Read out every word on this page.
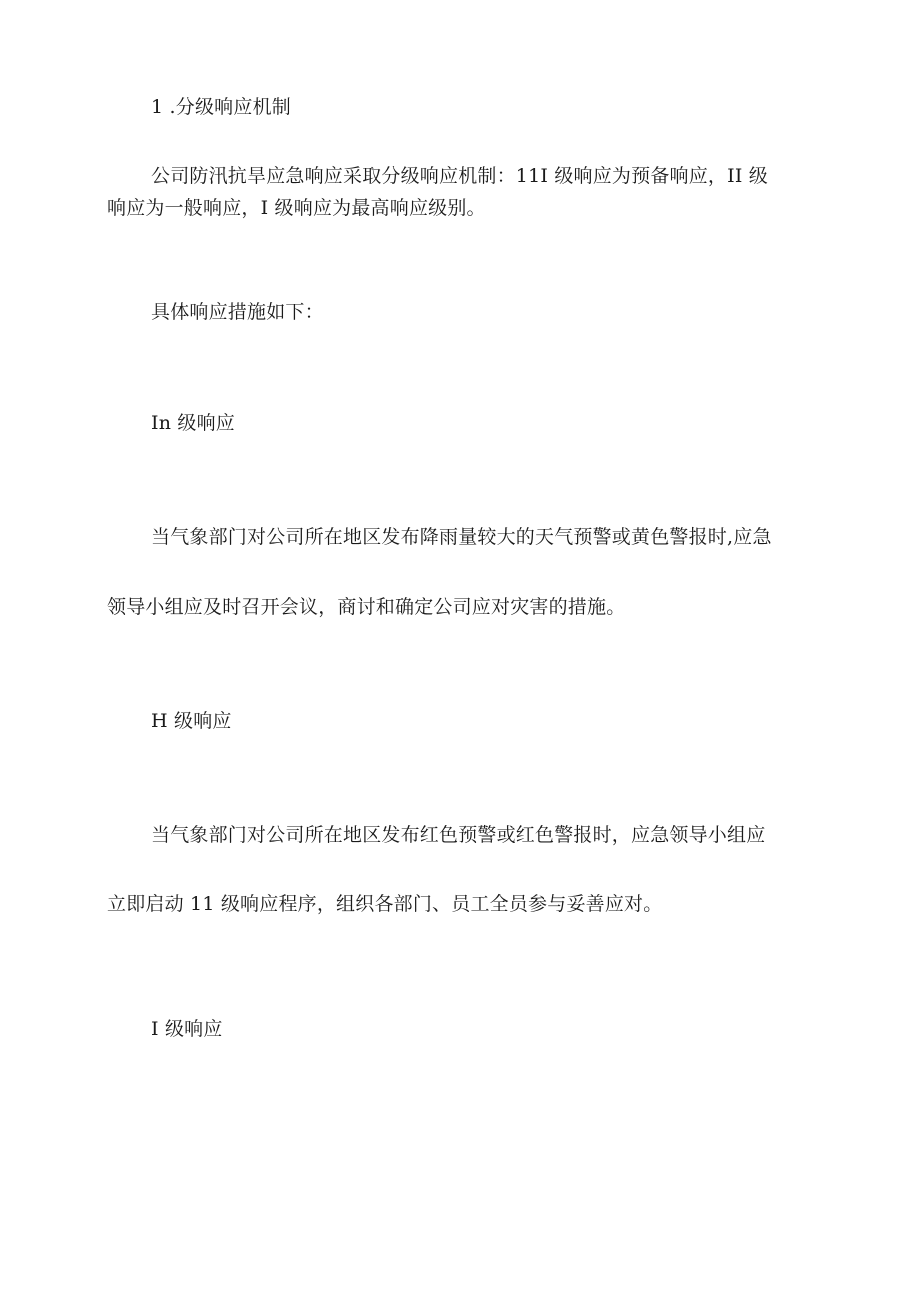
1 .分级响应机制
公司防汛抗旱应急响应采取分级响应机制：11I 级响应为预备响应，II 级
响应为一般响应，I 级响应为最高响应级别。
具体响应措施如下：
In 级响应
当气象部门对公司所在地区发布降雨量较大的天气预警或黄色警报时,应急
领导小组应及时召开会议，商讨和确定公司应对灾害的措施。
H 级响应
当气象部门对公司所在地区发布红色预警或红色警报时，应急领导小组应
立即启动 11 级响应程序，组织各部门、员工全员参与妥善应对。
I 级响应
